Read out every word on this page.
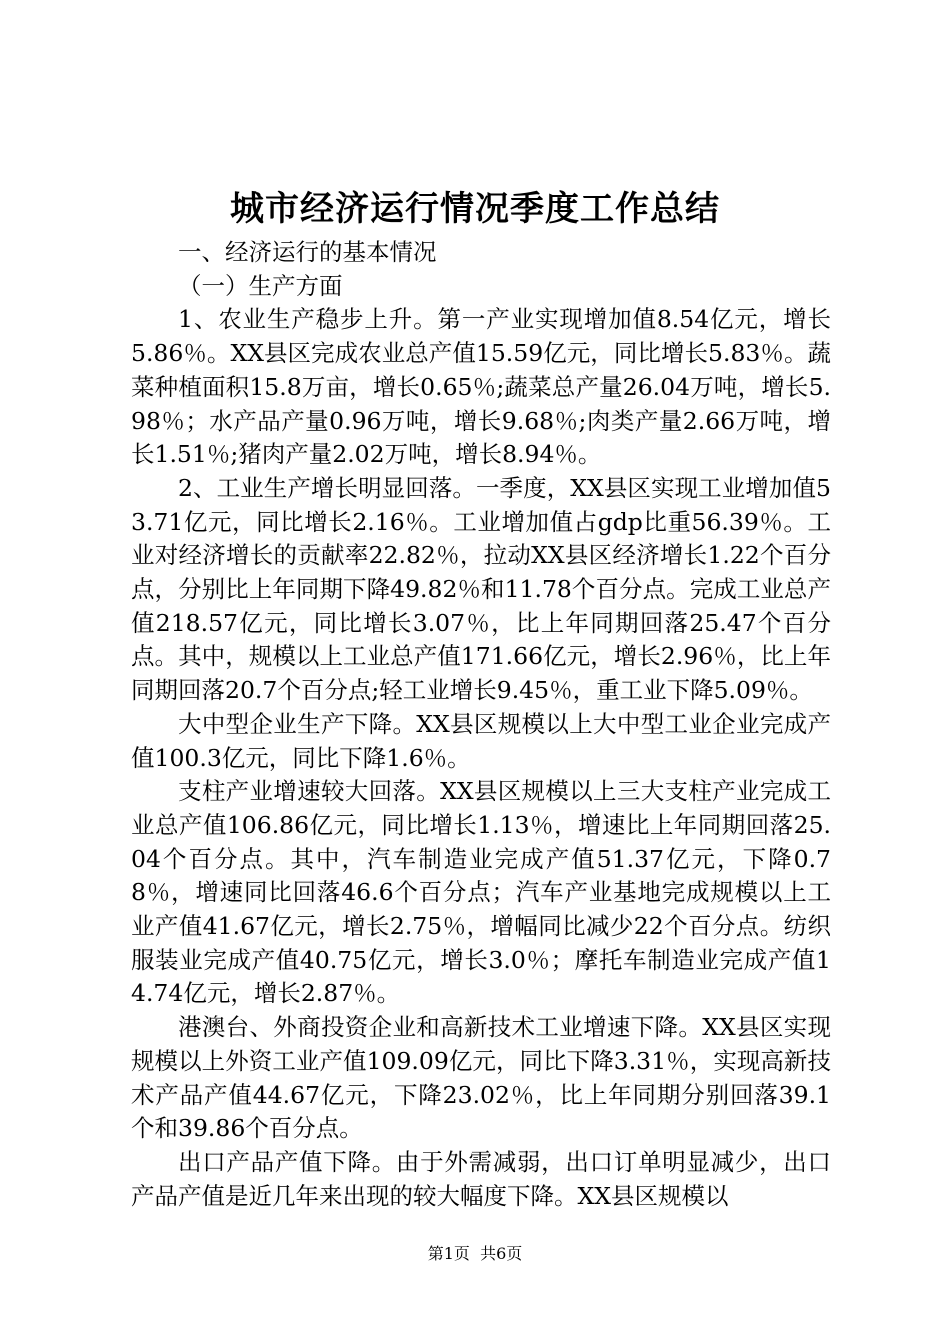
城市经济运行情况季度工作总结

一、经济运行的基本情况

（一）生产方面

1、农业生产稳步上升。第一产业实现增加值8.54亿元，增长5.86％。XX县区完成农业总产值15.59亿元，同比增长5.83％。蔬菜种植面积15.8万亩，增长0.65％;蔬菜总产量26.04万吨，增长5.98％；水产品产量0.96万吨，增长9.68％;肉类产量2.66万吨，增长1.51％;猪肉产量2.02万吨，增长8.94％。

2、工业生产增长明显回落。一季度，XX县区实现工业增加值53.71亿元，同比增长2.16％。工业增加值占gdp比重56.39％。工业对经济增长的贡献率22.82％，拉动XX县区经济增长1.22个百分点，分别比上年同期下降49.82％和11.78个百分点。完成工业总产值218.57亿元，同比增长3.07％，比上年同期回落25.47个百分点。其中，规模以上工业总产值171.66亿元，增长2.96％，比上年同期回落20.7个百分点;轻工业增长9.45％，重工业下降5.09％。

大中型企业生产下降。XX县区规模以上大中型工业企业完成产值100.3亿元，同比下降1.6％。

支柱产业增速较大回落。XX县区规模以上三大支柱产业完成工业总产值106.86亿元，同比增长1.13％，增速比上年同期回落25.04个百分点。其中，汽车制造业完成产值51.37亿元，下降0.78％，增速同比回落46.6个百分点；汽车产业基地完成规模以上工业产值41.67亿元，增长2.75％，增幅同比减少22个百分点。纺织服装业完成产值40.75亿元，增长3.0％；摩托车制造业完成产值14.74亿元，增长2.87％。

港澳台、外商投资企业和高新技术工业增速下降。XX县区实现规模以上外资工业产值109.09亿元，同比下降3.31％，实现高新技术产品产值44.67亿元，下降23.02％，比上年同期分别回落39.1个和39.86个百分点。

出口产品产值下降。由于外需减弱，出口订单明显减少，出口产品产值是近几年来出现的较大幅度下降。XX县区规模以

第1页 共6页
